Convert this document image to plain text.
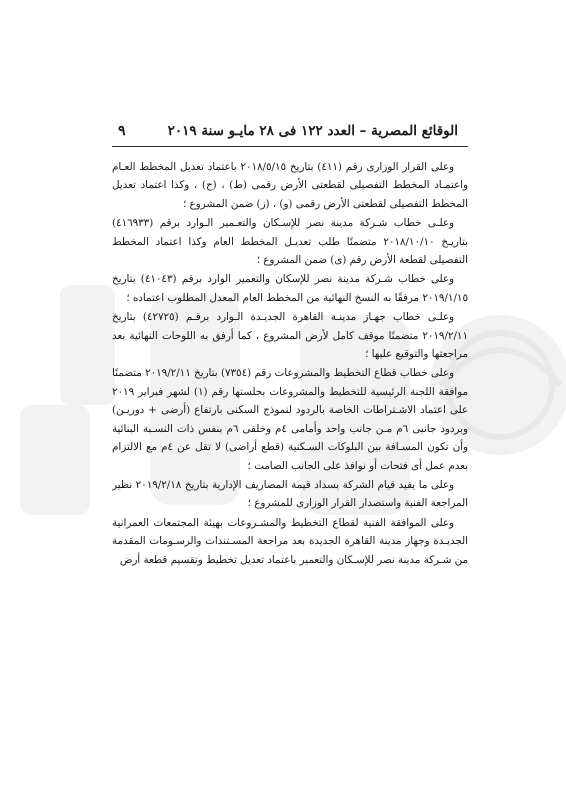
الوقائع المصرية – العدد ١٢٢ فى ٢٨ مايـو سنة ٢٠١٩
٩

وعلى القرار الوزارى رقم (٤١١) بتاريخ ٢٠١٨/٥/١٥ باعتماد تعديل المخطط العـام واعتمـاد المخطط التفصيلى لقطعتى الأرض رقمى (ط) ، (ح) ، وكذا اعتماد تعديل المخطط التفصيلى لقطعتى الأرض رقمى (و) ، (ز) ضمن المشروع ؛

وعلـى خطاب شـركة مدينة نصر للإسـكان والتعـمير الـوارد برقم (٤١٦٩٣٣) بتاريـخ ٢٠١٨/١٠/١٠ متضمنًا طلب تعديـل المخطط العام وكذا اعتماد المخطط التفصيلى لقطعة الأرض رقم (ى) ضمن المشروع ؛

وعلى خطاب شـركة مدينة نصر للإسكان والتعمير الوارد برقم (٤١٠٤٣) بتاريخ ٢٠١٩/١/١٥ مرفقًا به النسخ النهائية من المخطط العام المعدل المطلوب اعتماده ؛

وعلـى خطاب جهـاز مدينـة القاهرة الجديـدة الـوارد برقـم (٤٢٧٢٥) بتاريخ ٢٠١٩/٢/١١ متضمنًا موقف كامل لأرض المشروع ، كما أرفق به اللوحات النهائية بعد مراجعتها والتوقيع عليها ؛

وعلى خطاب قطاع التخطيط والمشروعات رقم (٧٣٥٤) بتاريخ ٢٠١٩/٢/١١ متضمنًا موافقة اللجنة الرئيسية للتخطيط والمشروعات بجلستها رقم (١) لشهر فبراير ٢٠١٩ على اعتماد الاشـتراطات الخاصة بالردود لنموذج السكنى بارتفاع (أرضى + دوريـن) وبردود جانبى ٦م مـن جانب واحد وأمامى ٤م وخلفى ٦م بنفس ذات النسـبة البنائية وأن تكون المسـافة بين البلوكات السـكنية (قطع أراضى) لا تقل عن ٤م مع الالتزام بعدم عمل أى فتحات أو نوافذ على الجانب الصامت ؛

وعلى ما يفيد قيام الشركة بسداد قيمة المصاريف الإدارية بتاريخ ٢٠١٩/٢/١٨ نظير المراجعة الفنية واستصدار القرار الوزارى للمشروع ؛

وعلى الموافقة الفنية لقطاع التخطيط والمشـروعات بهيئة المجتمعات العمرانية الجديـدة وجهاز مدينة القاهرة الجديدة بعد مراجعة المسـتندات والرسـومات المقدمة من شـركة مدينة نصر للإسـكان والتعمير باعتماد تعديل تخطيط وتقسيم قطعة أرض
